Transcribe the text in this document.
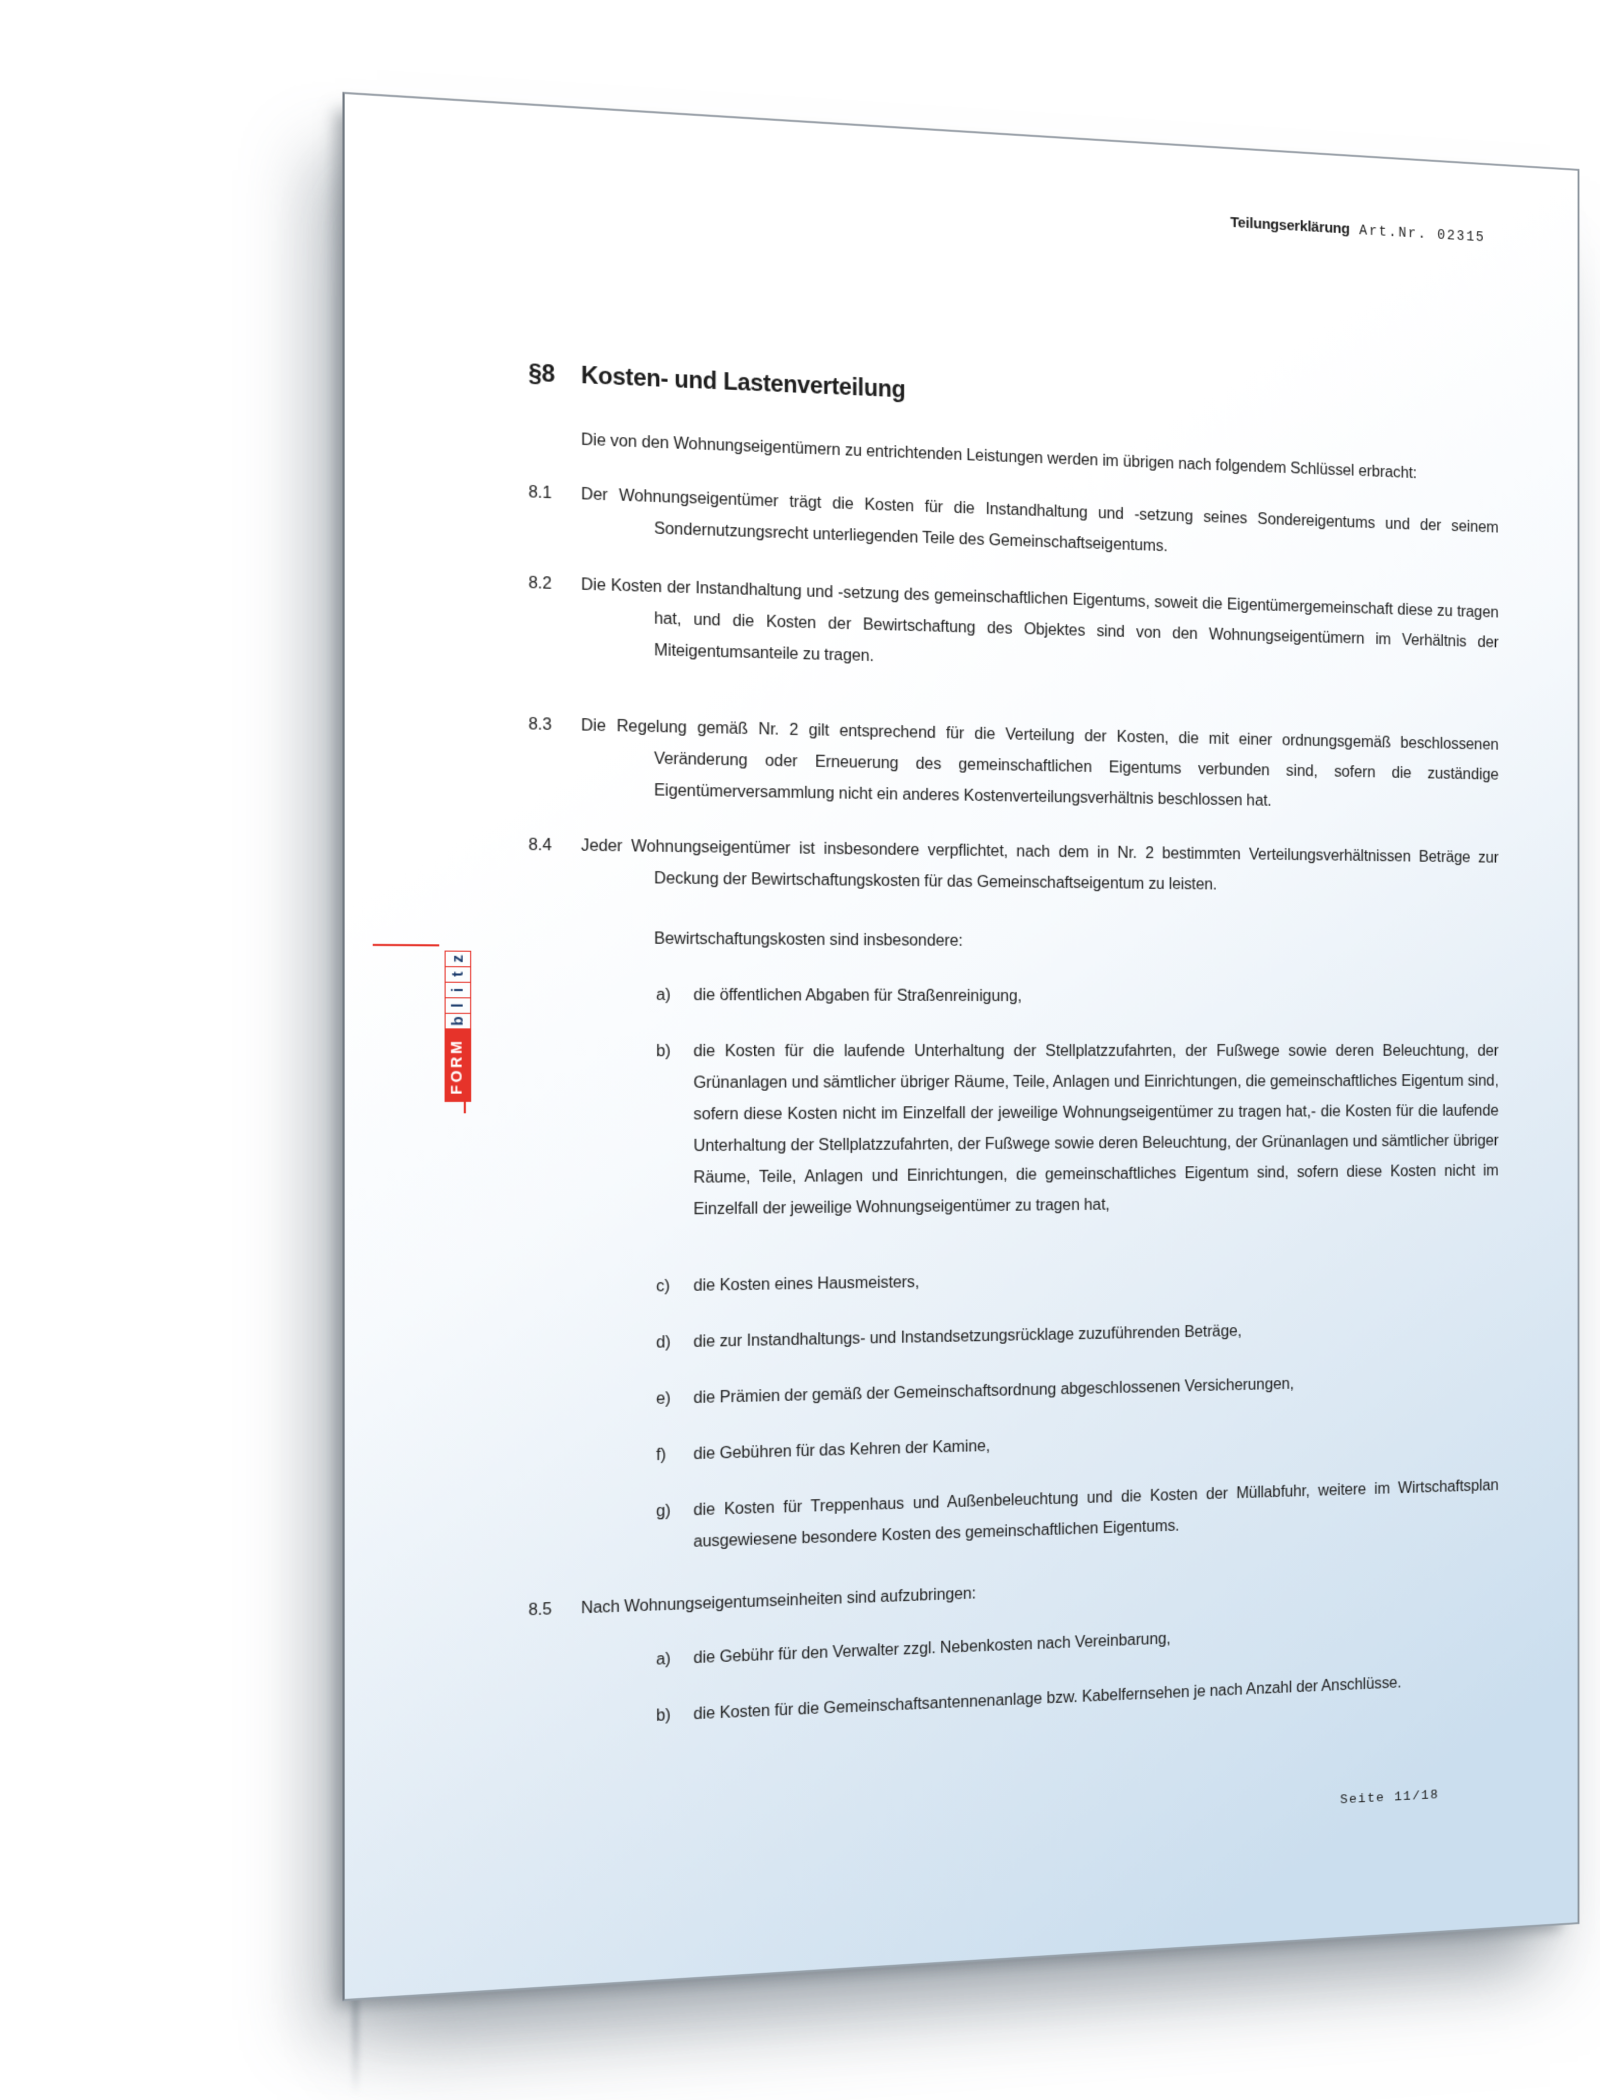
Teilungserklärung Art.Nr. 02315
FORM
b
l
i
t
z
§8 Kosten- und Lastenverteilung
Die von den Wohnungseigentümern zu entrichtenden Leistungen werden im übrigen nach folgendem Schlüssel erbracht:
8.1 Der Wohnungseigentümer trägt die Kosten für die Instandhaltung und -setzung seines Sondereigentums und der seinem Sondernutzungsrecht unterliegenden Teile des Gemeinschaftseigentums.
8.2 Die Kosten der Instandhaltung und -setzung des gemeinschaftlichen Eigentums, soweit die Eigentümergemeinschaft diese zu tragen hat, und die Kosten der Bewirtschaftung des Objektes sind von den Wohnungseigentümern im Verhältnis der Miteigentumsanteile zu tragen.
8.3 Die Regelung gemäß Nr. 2 gilt entsprechend für die Verteilung der Kosten, die mit einer ordnungsgemäß beschlossenen Veränderung oder Erneuerung des gemeinschaftlichen Eigentums verbunden sind, sofern die zuständige Eigentümerversammlung nicht ein anderes Kostenverteilungsverhältnis beschlossen hat.
8.4 Jeder Wohnungseigentümer ist insbesondere verpflichtet, nach dem in Nr. 2 bestimmten Verteilungsverhältnissen Beträge zur Deckung der Bewirtschaftungskosten für das Gemeinschaftseigentum zu leisten.
Bewirtschaftungskosten sind insbesondere:
a) die öffentlichen Abgaben für Straßenreinigung,
b) die Kosten für die laufende Unterhaltung der Stellplatzzufahrten, der Fußwege sowie deren Beleuchtung, der Grünanlagen und sämtlicher übriger Räume, Teile, Anlagen und Einrichtungen, die gemeinschaftliches Eigentum sind, sofern diese Kosten nicht im Einzelfall der jeweilige Wohnungseigentümer zu tragen hat,- die Kosten für die laufende Unterhaltung der Stellplatzzufahrten, der Fußwege sowie deren Beleuchtung, der Grünanlagen und sämtlicher übriger Räume, Teile, Anlagen und Einrichtungen, die gemeinschaftliches Eigentum sind, sofern diese Kosten nicht im Einzelfall der jeweilige Wohnungseigentümer zu tragen hat,
c) die Kosten eines Hausmeisters,
d) die zur Instandhaltungs- und Instandsetzungsrücklage zuzuführenden Beträge,
e) die Prämien der gemäß der Gemeinschaftsordnung abgeschlossenen Versicherungen,
f) die Gebühren für das Kehren der Kamine,
g) die Kosten für Treppenhaus und Außenbeleuchtung und die Kosten der Müllabfuhr, weitere im Wirtschaftsplan ausgewiesene besondere Kosten des gemeinschaftlichen Eigentums.
8.5 Nach Wohnungseigentumseinheiten sind aufzubringen:
a) die Gebühr für den Verwalter zzgl. Nebenkosten nach Vereinbarung,
b) die Kosten für die Gemeinschaftsantennenanlage bzw. Kabelfernsehen je nach Anzahl der Anschlüsse.
Seite 11/18
